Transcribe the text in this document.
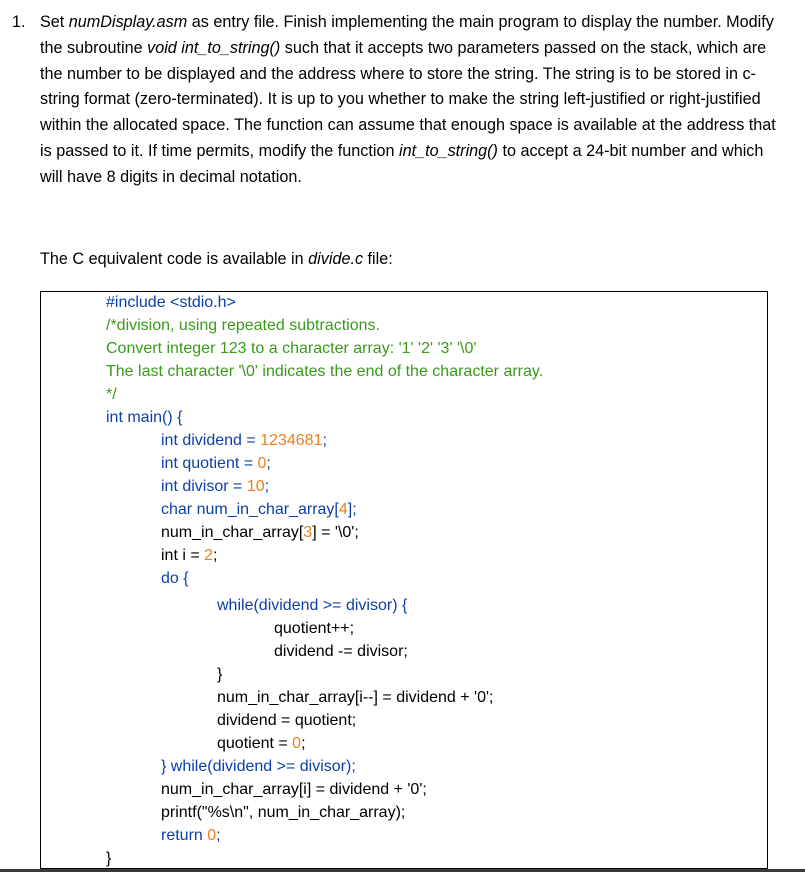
1. Set numDisplay.asm as entry file. Finish implementing the main program to display the number. Modify the subroutine void int_to_string() such that it accepts two parameters passed on the stack, which are the number to be displayed and the address where to store the string. The string is to be stored in c-string format (zero-terminated). It is up to you whether to make the string left-justified or right-justified within the allocated space. The function can assume that enough space is available at the address that is passed to it. If time permits, modify the function int_to_string() to accept a 24-bit number and which will have 8 digits in decimal notation.
The C equivalent code is available in divide.c file:
#include <stdio.h>
/*division, using repeated subtractions.
Convert integer 123 to a character array: '1' '2' '3' '\0'
The last character '\0' indicates the end of the character array.
*/
int main() {
int dividend = 1234681;
int quotient = 0;
int divisor = 10;
char num_in_char_array[4];
num_in_char_array[3] = '\0';
int i = 2;
do {
while(dividend >= divisor) {
quotient++;
dividend -= divisor;
}
num_in_char_array[i--] = dividend + '0';
dividend = quotient;
quotient = 0;
} while(dividend >= divisor);
num_in_char_array[i] = dividend + '0';
printf("%s\n", num_in_char_array);
return 0;
}
